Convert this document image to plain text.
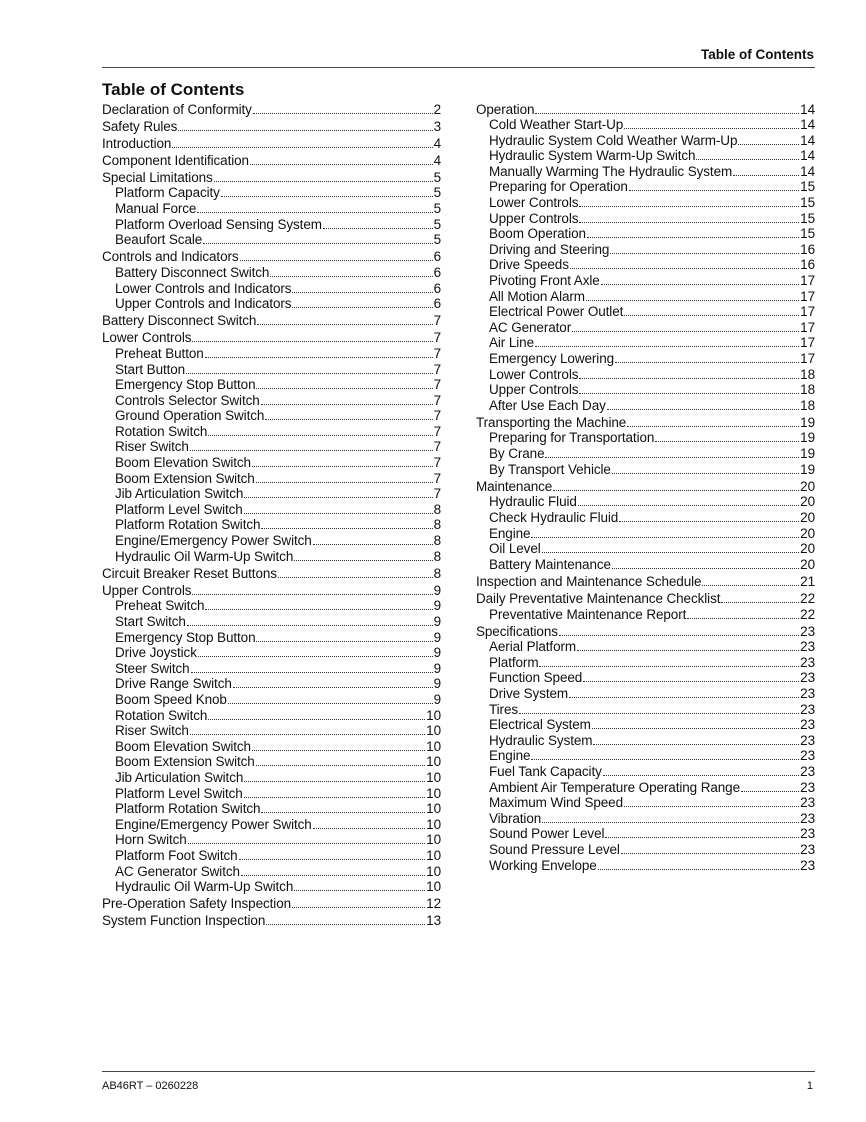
Table of Contents
Table of Contents
Declaration of Conformity	2
Safety Rules	3
Introduction	4
Component Identification	4
Special Limitations	5
Platform Capacity	5
Manual Force	5
Platform Overload Sensing System	5
Beaufort Scale	5
Controls and Indicators	6
Battery Disconnect Switch	6
Lower Controls and Indicators	6
Upper Controls and Indicators	6
Battery Disconnect Switch	7
Lower Controls	7
Preheat Button	7
Start Button	7
Emergency Stop Button	7
Controls Selector Switch	7
Ground Operation Switch	7
Rotation Switch	7
Riser Switch	7
Boom Elevation Switch	7
Boom Extension Switch	7
Jib Articulation Switch	7
Platform Level Switch	8
Platform Rotation Switch	8
Engine/Emergency Power Switch	8
Hydraulic Oil Warm-Up Switch	8
Circuit Breaker Reset Buttons	8
Upper Controls	9
Preheat Switch	9
Start Switch	9
Emergency Stop Button	9
Drive Joystick	9
Steer Switch	9
Drive Range Switch	9
Boom Speed Knob	9
Rotation Switch	10
Riser Switch	10
Boom Elevation Switch	10
Boom Extension Switch	10
Jib Articulation Switch	10
Platform Level Switch	10
Platform Rotation Switch	10
Engine/Emergency Power Switch	10
Horn Switch	10
Platform Foot Switch	10
AC Generator Switch	10
Hydraulic Oil Warm-Up Switch	10
Pre-Operation Safety Inspection	12
System Function Inspection	13
Operation	14
Cold Weather Start-Up	14
Hydraulic System Cold Weather Warm-Up	14
Hydraulic System Warm-Up Switch	14
Manually Warming The Hydraulic System	14
Preparing for Operation	15
Lower Controls	15
Upper Controls	15
Boom Operation	15
Driving and Steering	16
Drive Speeds	16
Pivoting Front Axle	17
All Motion Alarm	17
Electrical Power Outlet	17
AC Generator	17
Air Line	17
Emergency Lowering	17
Lower Controls	18
Upper Controls	18
After Use Each Day	18
Transporting the Machine	19
Preparing for Transportation	19
By Crane	19
By Transport Vehicle	19
Maintenance	20
Hydraulic Fluid	20
Check Hydraulic Fluid	20
Engine	20
Oil Level	20
Battery Maintenance	20
Inspection and Maintenance Schedule	21
Daily Preventative Maintenance Checklist	22
Preventative Maintenance Report	22
Specifications	23
Aerial Platform	23
Platform	23
Function Speed	23
Drive System	23
Tires	23
Electrical System	23
Hydraulic System	23
Engine	23
Fuel Tank Capacity	23
Ambient Air Temperature Operating Range	23
Maximum Wind Speed	23
Vibration	23
Sound Power Level	23
Sound Pressure Level	23
Working Envelope	23
AB46RT – 0260228	1
